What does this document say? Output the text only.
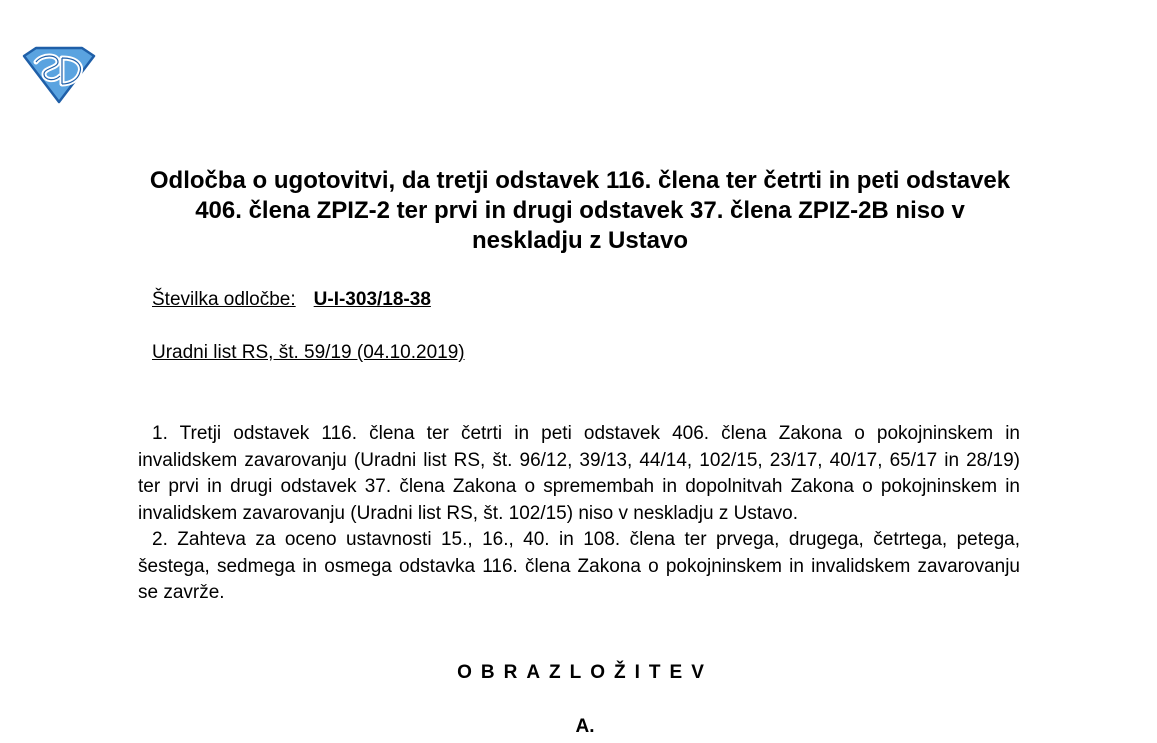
Odločba o ugotovitvi, da tretji odstavek 116. člena ter četrti in peti odstavek 406. člena ZPIZ-2 ter prvi in drugi odstavek 37. člena ZPIZ-2B niso v neskladju z Ustavo
Številka odločbe: U-I-303/18-38
Uradni list RS, št. 59/19 (04.10.2019)

1. Tretji odstavek 116. člena ter četrti in peti odstavek 406. člena Zakona o pokojninskem in invalidskem zavarovanju (Uradni list RS, št. 96/12, 39/13, 44/14, 102/15, 23/17, 40/17, 65/17 in 28/19) ter prvi in drugi odstavek 37. člena Zakona o spremembah in dopolnitvah Zakona o pokojninskem in invalidskem zavarovanju (Uradni list RS, št. 102/15) niso v neskladju z Ustavo.

2. Zahteva za oceno ustavnosti 15., 16., 40. in 108. člena ter prvega, drugega, četrtega, petega, šestega, sedmega in osmega odstavka 116. člena Zakona o pokojninskem in invalidskem zavarovanju se zavrže.

OBRAZLOŽITEV
A.
